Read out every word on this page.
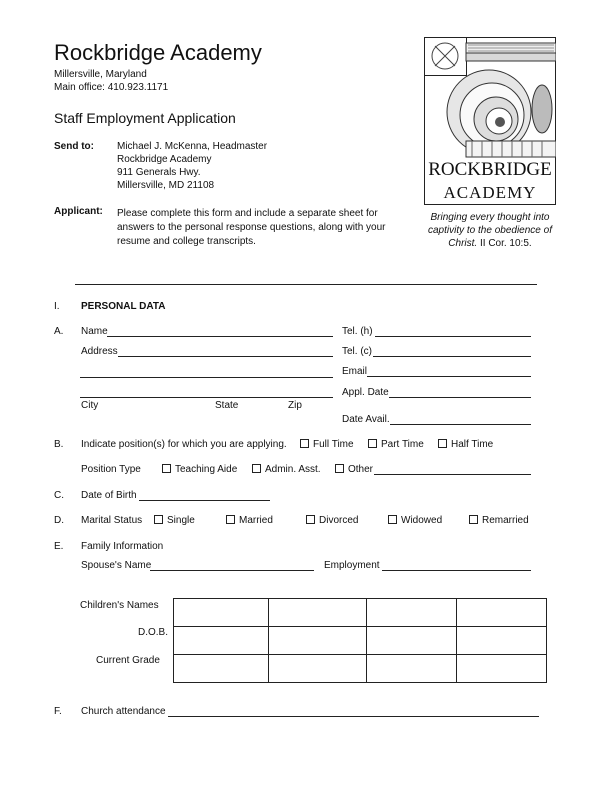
Rockbridge Academy
Millersville, Maryland
Main office: 410.923.1171
Staff Employment Application
Send to: Michael J. McKenna, Headmaster
Rockbridge Academy
911 Generals Hwy.
Millersville, MD 21108
Applicant: Please complete this form and include a separate sheet for
answers to the personal response questions, along with your
resume and college transcripts.
ROCKBRIDGE
ACADEMY
Bringing every thought into
captivity to the obedience of
Christ. II Cor. 10:5.
I. PERSONAL DATA
A. Name	Tel. (h)
Address	Tel. (c)
Email
Appl. Date
City	State	Zip
Date Avail.
B. Indicate position(s) for which you are applying.	Full Time	Part Time	Half Time
Position Type	Teaching Aide	Admin. Asst.	Other
C. Date of Birth
D. Marital Status	Single	Married	Divorced	Widowed	Remarried
E. Family Information
Spouse's Name	Employment
Children's Names
D.O.B.
Current Grade

F. Church attendance
